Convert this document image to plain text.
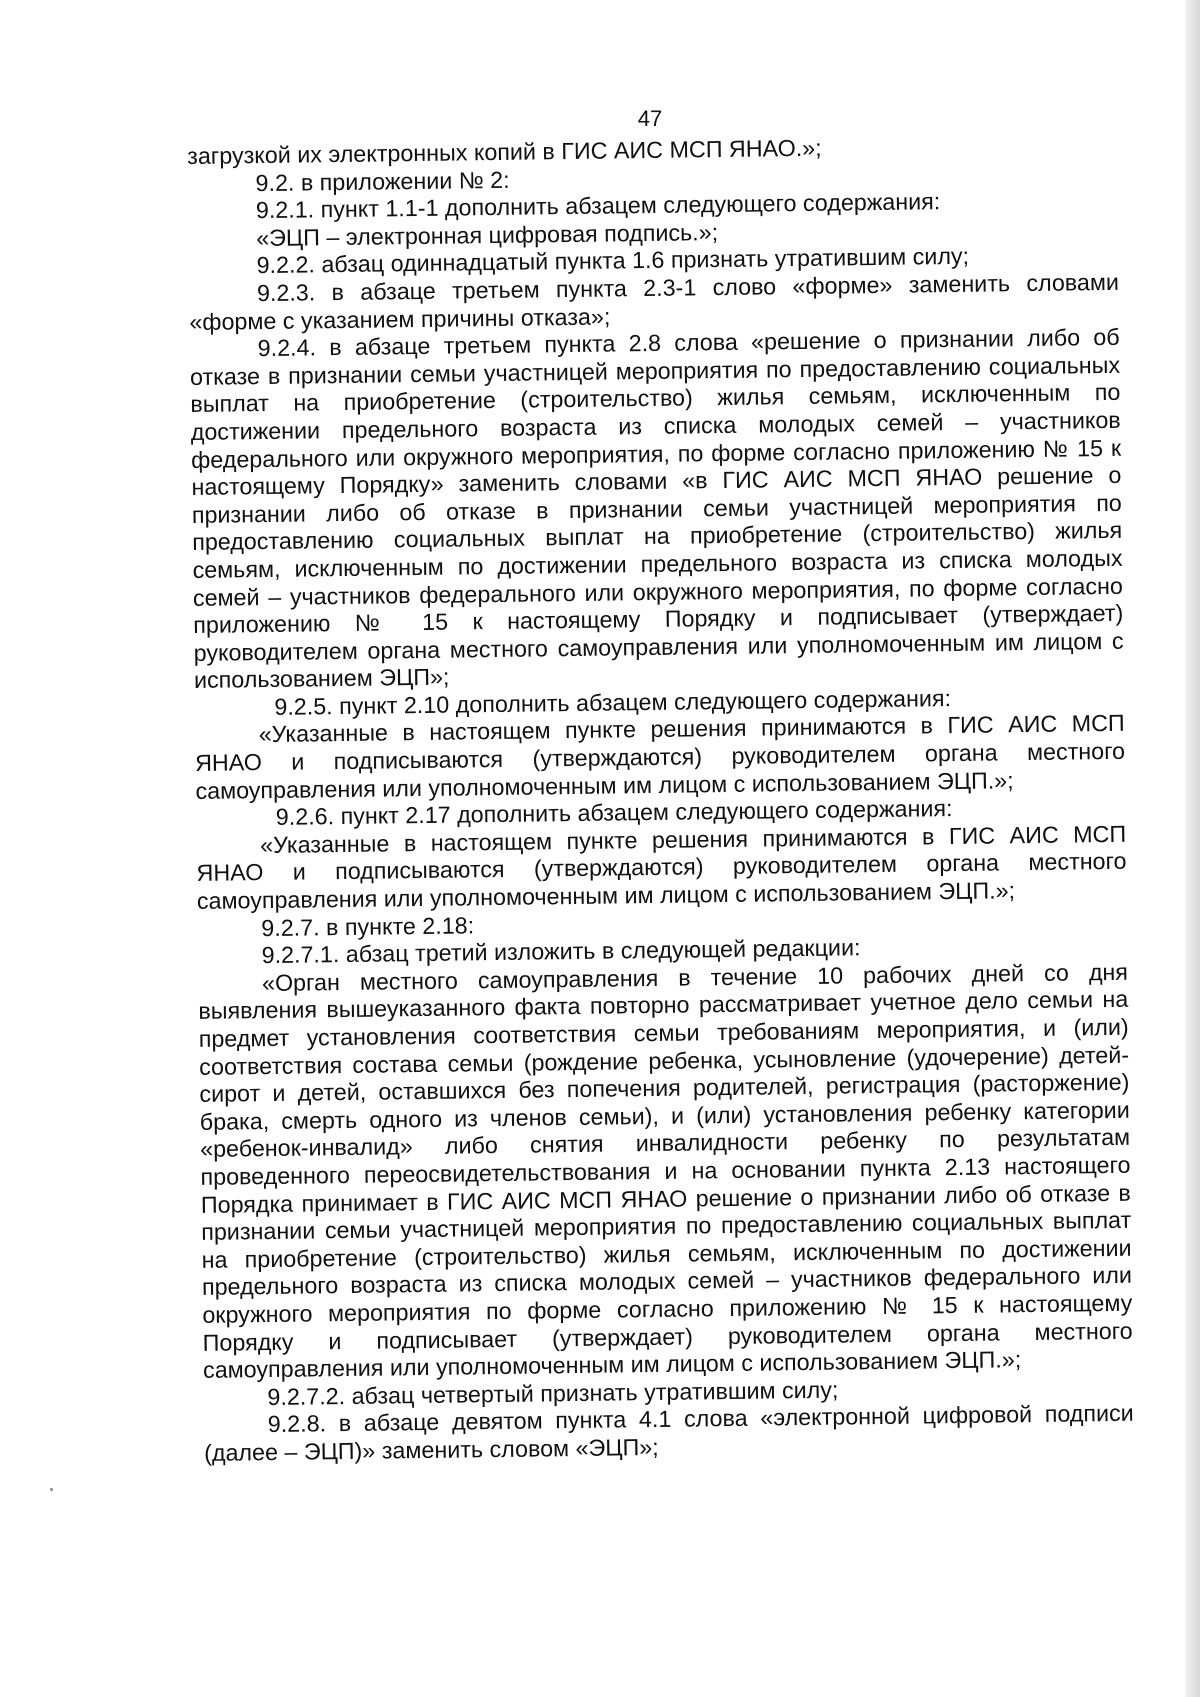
47

загрузкой их электронных копий в ГИС АИС МСП ЯНАО.»;

9.2. в приложении № 2:

9.2.1. пункт 1.1-1 дополнить абзацем следующего содержания:

«ЭЦП – электронная цифровая подпись.»;

9.2.2. абзац одиннадцатый пункта 1.6 признать утратившим силу;

9.2.3. в абзаце третьем пункта 2.3-1 слово «форме» заменить словами «форме с указанием причины отказа»;

9.2.4. в абзаце третьем пункта 2.8 слова «решение о признании либо об отказе в признании семьи участницей мероприятия по предоставлению социальных выплат на приобретение (строительство) жилья семьям, исключенным по достижении предельного возраста из списка молодых семей – участников федерального или окружного мероприятия, по форме согласно приложению № 15 к настоящему Порядку» заменить словами «в ГИС АИС МСП ЯНАО решение о признании либо об отказе в признании семьи участницей мероприятия по предоставлению социальных выплат на приобретение (строительство) жилья семьям, исключенным по достижении предельного возраста из списка молодых семей – участников федерального или окружного мероприятия, по форме согласно приложению № 15 к настоящему Порядку и подписывает (утверждает) руководителем органа местного самоуправления или уполномоченным им лицом с использованием ЭЦП»;

9.2.5. пункт 2.10 дополнить абзацем следующего содержания:

«Указанные в настоящем пункте решения принимаются в ГИС АИС МСП ЯНАО и подписываются (утверждаются) руководителем органа местного самоуправления или уполномоченным им лицом с использованием ЭЦП.»;

9.2.6. пункт 2.17 дополнить абзацем следующего содержания:

«Указанные в настоящем пункте решения принимаются в ГИС АИС МСП ЯНАО и подписываются (утверждаются) руководителем органа местного самоуправления или уполномоченным им лицом с использованием ЭЦП.»;

9.2.7. в пункте 2.18:

9.2.7.1. абзац третий изложить в следующей редакции:

«Орган местного самоуправления в течение 10 рабочих дней со дня выявления вышеуказанного факта повторно рассматривает учетное дело семьи на предмет установления соответствия семьи требованиям мероприятия, и (или) соответствия состава семьи (рождение ребенка, усыновление (удочерение) детей-сирот и детей, оставшихся без попечения родителей, регистрация (расторжение) брака, смерть одного из членов семьи), и (или) установления ребенку категории «ребенок-инвалид» либо снятия инвалидности ребенку по результатам проведенного переосвидетельствования и на основании пункта 2.13 настоящего Порядка принимает в ГИС АИС МСП ЯНАО решение о признании либо об отказе в признании семьи участницей мероприятия по предоставлению социальных выплат на приобретение (строительство) жилья семьям, исключенным по достижении предельного возраста из списка молодых семей – участников федерального или окружного мероприятия по форме согласно приложению № 15 к настоящему Порядку и подписывает (утверждает) руководителем органа местного самоуправления или уполномоченным им лицом с использованием ЭЦП.»;

9.2.7.2. абзац четвертый признать утратившим силу;

9.2.8. в абзаце девятом пункта 4.1 слова «электронной цифровой подписи (далее – ЭЦП)» заменить словом «ЭЦП»;
